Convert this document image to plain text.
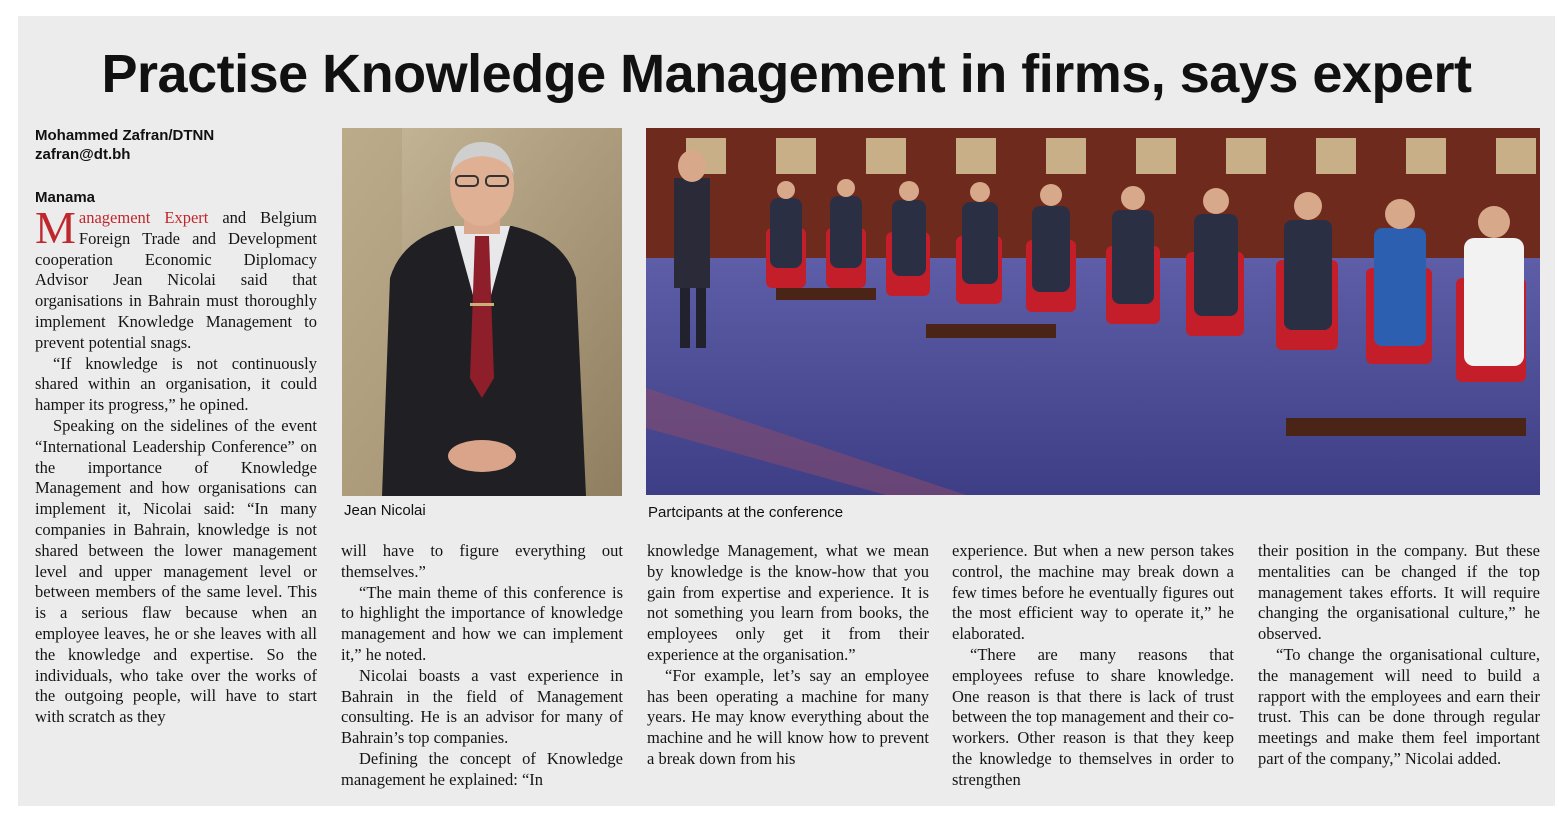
Practise Knowledge Management in firms, says expert
Mohammed Zafran/DTNN
zafran@dt.bh
Manama

Management Expert and Belgium Foreign Trade and Development cooperation Economic Diplomacy Advisor Jean Nicolai said that organisations in Bahrain must thoroughly implement Knowledge Management to prevent potential snags.

“If knowledge is not continuously shared within an organisation, it could hamper its progress,” he opined.

Speaking on the sidelines of the event “International Leadership Conference” on the importance of Knowledge Management and how organisations can implement it, Nicolai said: “In many companies in Bahrain, knowledge is not shared between the lower management level and upper management level or between members of the same level. This is a serious flaw because when an employee leaves, he or she leaves with all the knowledge and expertise. So the individuals, who take over the works of the outgoing people, will have to start with scratch as they

Jean Nicolai	Partcipants at the conference

will have to figure everything out themselves.”

“The main theme of this conference is to highlight the importance of knowledge management and how we can implement it,” he noted.

Nicolai boasts a vast experience in Bahrain in the field of Management consulting. He is an advisor for many of Bahrain’s top companies.

Defining the concept of Knowledge management he explained: “In

knowledge Management, what we mean by knowledge is the know-how that you gain from expertise and experience. It is not something you learn from books, the employees only get it from their experience at the organisation.”

“For example, let’s say an employee has been operating a machine for many years. He may know everything about the machine and he will know how to prevent a break down from his

experience. But when a new person takes control, the machine may break down a few times before he eventually figures out the most efficient way to operate it,” he elaborated.

“There are many reasons that employees refuse to share knowledge. One reason is that there is lack of trust between the top management and their co-workers. Other reason is that they keep the knowledge to themselves in order to strengthen

their position in the company. But these mentalities can be changed if the top management takes efforts. It will require changing the organisational culture,” he observed.

“To change the organisational culture, the management will need to build a rapport with the employees and earn their trust. This can be done through regular meetings and make them feel important part of the company,” Nicolai added.
